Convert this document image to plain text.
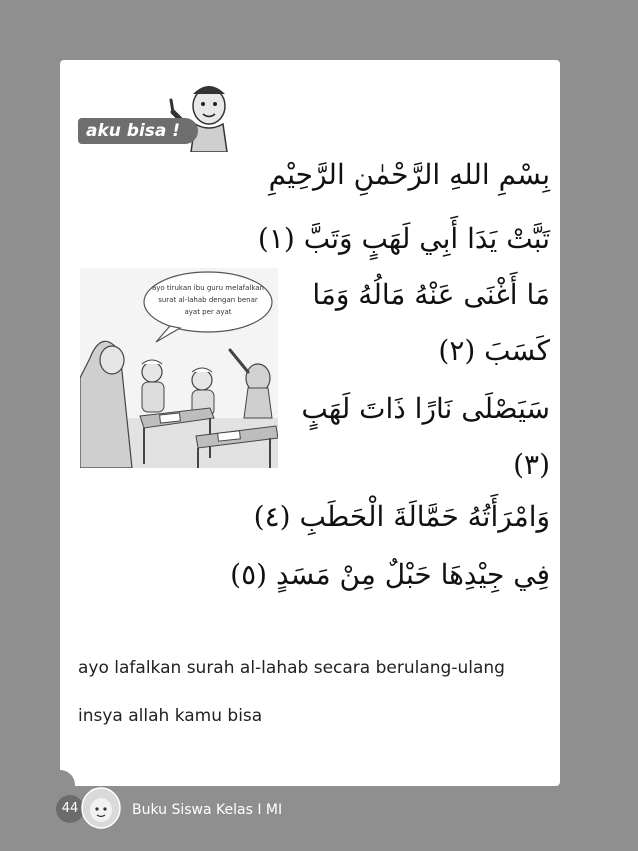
aku bisa !
بِسْمِ اللهِ الرَّحْمٰنِ الرَّحِيْمِ
تَبَّتْ يَدَا أَبِي لَهَبٍ وَتَبَّ (١)
مَا أَغْنَى عَنْهُ مَالُهُ وَمَا
كَسَبَ (٢)
سَيَصْلَى نَارًا ذَاتَ لَهَبٍ
(٣)
وَامْرَأَتُهُ حَمَّالَةَ الْحَطَبِ (٤)
فِي جِيْدِهَا حَبْلٌ مِنْ مَسَدٍ (٥)
ayo tirukan ibu guru melafalkan
surat al-lahab dengan benar
ayat per ayat
ayo lafalkan surah al-lahab secara berulang-ulang
insya allah kamu bisa
44	Buku Siswa Kelas I MI
